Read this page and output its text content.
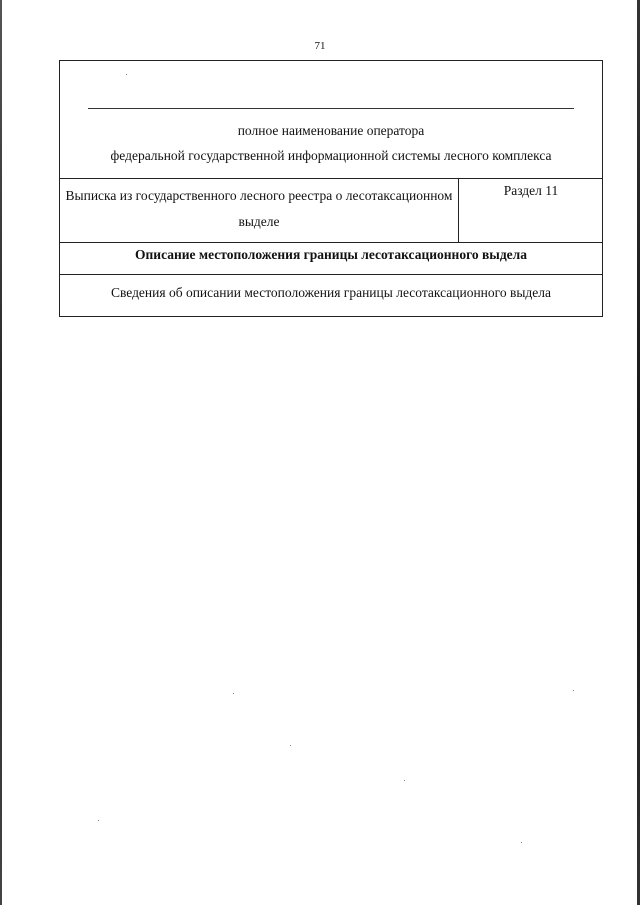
71
полное наименование оператора
федеральной государственной информационной системы лесного комплекса
Выписка из государственного лесного реестра о лесотаксационном выделе
Раздел 11
Описание местоположения границы лесотаксационного выдела
Сведения об описании местоположения границы лесотаксационного выдела
